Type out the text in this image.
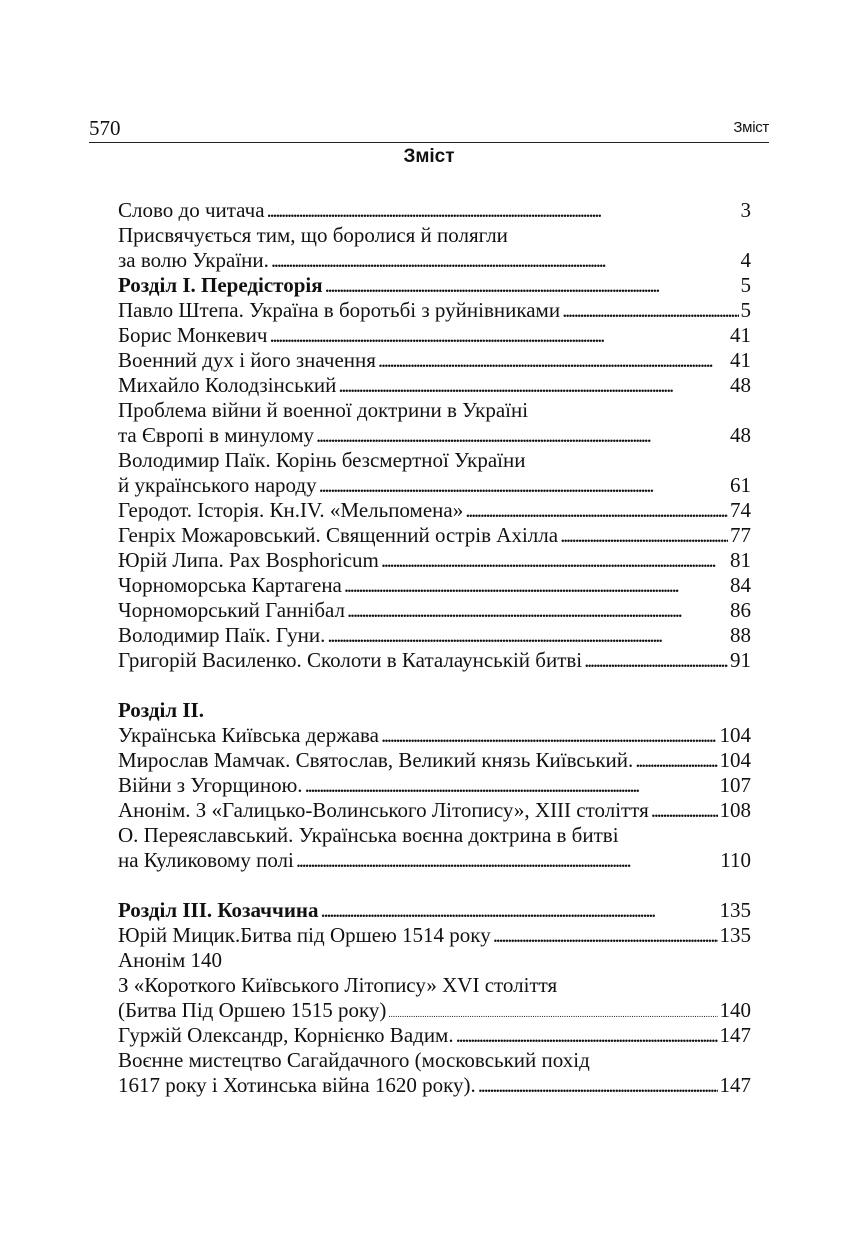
570	Зміст
Зміст
Слово до читача . . .	3
Присвячується тим, що боролися й полягли
за волю України. . . .	4
Розділ І. Передісторія . . .	5
Павло Штепа. Україна в боротьбі з руйнівниками . . .	5
Борис Монкевич . . .	41
Военний дух і його значення . . .	41
Михайло Колодзінський . . .	48
Проблема війни й военної доктрини в Україні
та Європі в минулому . . .	48
Володимир Паїк. Корінь безсмертної України
й українського народу . . .	61
Геродот. Історія. Кн.IV. «Мельпомена» . . .	74
Генріх Можаровський. Священний острів Ахілла . . .	77
Юрій Липа. Pax Bosphoricum . . .	81
Чорноморська Картагена . . .	84
Чорноморський Ганнібал . . .	86
Володимир Паїк. Гуни. . . .	88
Григорій Василенко. Сколоти в Каталаунській битві . . .	91
Розділ ІІ.
Українська Київська держава . . .	104
Мирослав Мамчак. Святослав, Великий князь Київський. . . .	104
Війни з Угорщиною. . . .	107
Анонім. З «Галицько-Волинського Літопису», XIII століття . . .	108
О. Переяславський. Українська воєнна доктрина в битві
на Куликовому полі . . .	110
Розділ ІІІ. Козаччина . . .	135
Юрій Мицик.Битва під Оршею 1514 року . . .	135
Анонім 140
З «Короткого Київського Літопису» XVI століття
(Битва Під Оршею 1515 року) .....	140
Гуржій Олександр, Корнієнко Вадим. . . .	147
Воєнне мистецтво Сагайдачного (московський похід
1617 року і Хотинська війна 1620 року). . . .	147
